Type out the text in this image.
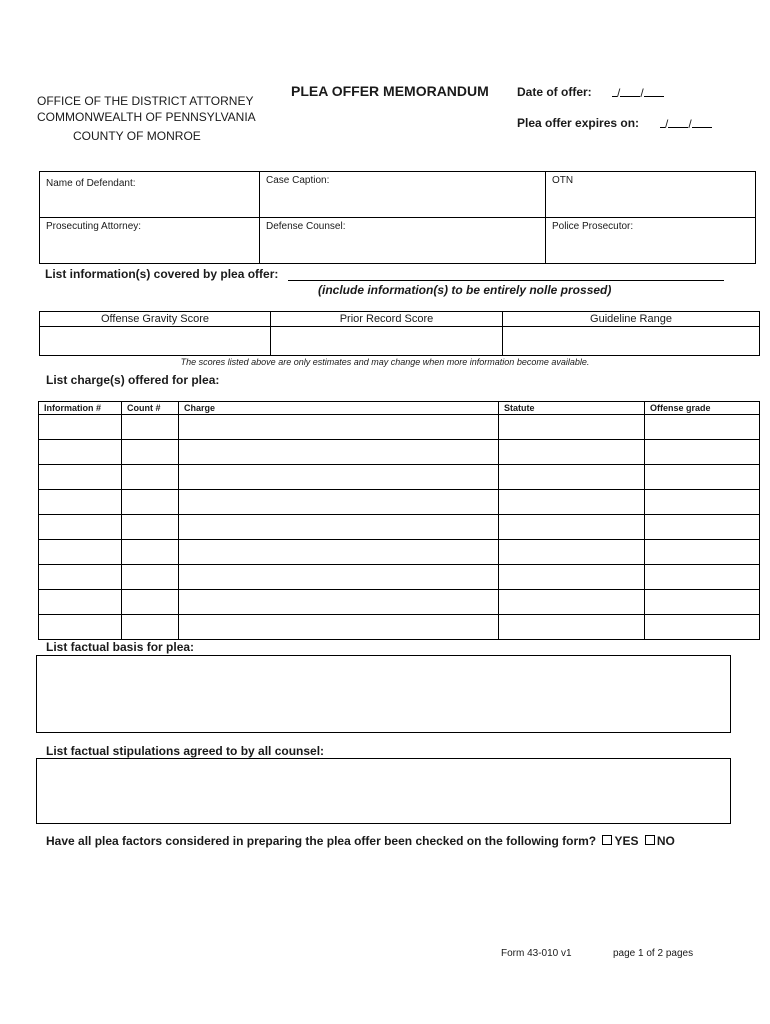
OFFICE OF THE DISTRICT ATTORNEY
COMMONWEALTH OF PENNSYLVANIA
COUNTY OF MONROE
PLEA OFFER MEMORANDUM Date of offer:	/ /
Plea offer expires on:	/ /
Name of Defendant:	Case Caption:	OTN
Prosecuting Attorney:	Defense Counsel:	Police Prosecutor:
List information(s) covered by plea offer:
(include information(s) to be entirely nolle prossed)
Offense Gravity Score	Prior Record Score	Guideline Range

The scores listed above are only estimates and may change when more information become available.
List charge(s) offered for plea:
Information #	Count #	Charge	Statute	Offense grade

List factual basis for plea:
List factual stipulations agreed to by all counsel:
Have all plea factors considered in preparing the plea offer been checked on the following form? YES NO
Form 43-010 v1	page 1 of 2 pages
